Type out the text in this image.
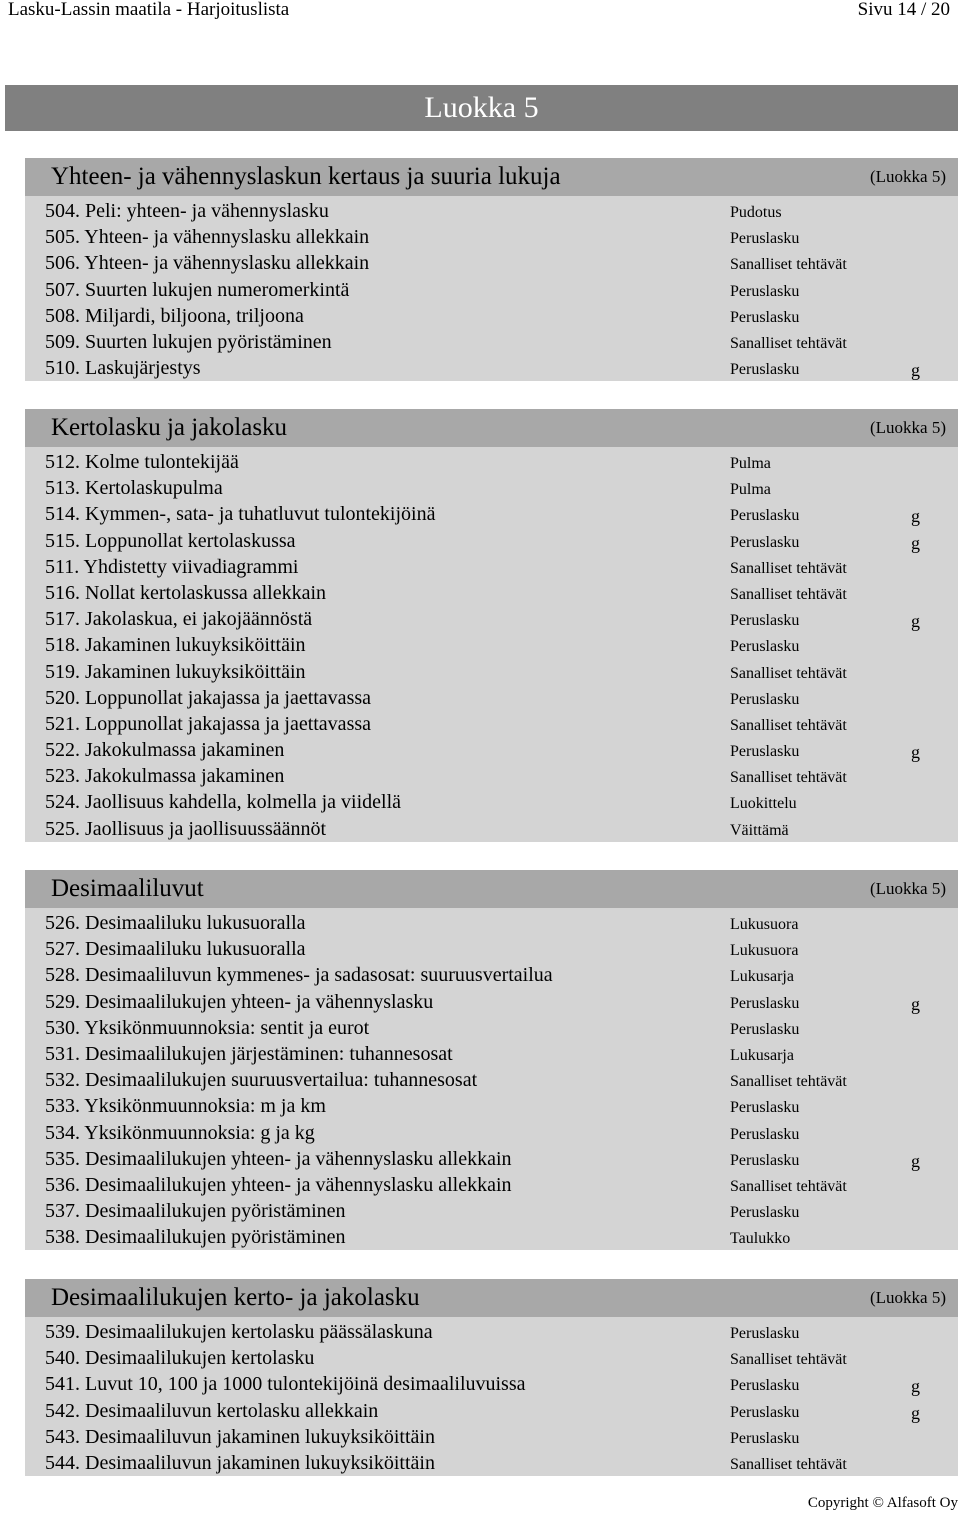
Lasku-Lassin maatila - Harjoituslista	Sivu 14 / 20
Luokka 5
Yhteen- ja vähennyslaskun kertaus ja suuria lukuja	(Luokka 5)
504. Peli: yhteen- ja vähennyslasku	Pudotus
505. Yhteen- ja vähennyslasku allekkain	Peruslasku
506. Yhteen- ja vähennyslasku allekkain	Sanalliset tehtävät
507. Suurten lukujen numeromerkintä	Peruslasku
508. Miljardi, biljoona, triljoona	Peruslasku
509. Suurten lukujen pyöristäminen	Sanalliset tehtävät
510. Laskujärjestys	Peruslasku	g
Kertolasku ja jakolasku	(Luokka 5)
512. Kolme tulontekijää	Pulma
513. Kertolaskupulma	Pulma
514. Kymmen-, sata- ja tuhatluvut tulontekijöinä	Peruslasku	g
515. Loppunollat kertolaskussa	Peruslasku	g
511. Yhdistetty viivadiagrammi	Sanalliset tehtävät
516. Nollat kertolaskussa allekkain	Sanalliset tehtävät
517. Jakolaskua, ei jakojäännöstä	Peruslasku	g
518. Jakaminen lukuyksiköittäin	Peruslasku
519. Jakaminen lukuyksiköittäin	Sanalliset tehtävät
520. Loppunollat jakajassa ja jaettavassa	Peruslasku
521. Loppunollat jakajassa ja jaettavassa	Sanalliset tehtävät
522. Jakokulmassa jakaminen	Peruslasku	g
523. Jakokulmassa jakaminen	Sanalliset tehtävät
524. Jaollisuus kahdella, kolmella ja viidellä	Luokittelu
525. Jaollisuus ja jaollisuussäännöt	Väittämä
Desimaaliluvut	(Luokka 5)
526. Desimaaliluku lukusuoralla	Lukusuora
527. Desimaaliluku lukusuoralla	Lukusuora
528. Desimaaliluvun kymmenes- ja sadasosat: suuruusvertailua	Lukusarja
529. Desimaalilukujen yhteen- ja vähennyslasku	Peruslasku	g
530. Yksikönmuunnoksia: sentit ja eurot	Peruslasku
531. Desimaalilukujen järjestäminen: tuhannesosat	Lukusarja
532. Desimaalilukujen suuruusvertailua: tuhannesosat	Sanalliset tehtävät
533. Yksikönmuunnoksia: m ja km	Peruslasku
534. Yksikönmuunnoksia: g ja kg	Peruslasku
535. Desimaalilukujen yhteen- ja vähennyslasku allekkain	Peruslasku	g
536. Desimaalilukujen yhteen- ja vähennyslasku allekkain	Sanalliset tehtävät
537. Desimaalilukujen pyöristäminen	Peruslasku
538. Desimaalilukujen pyöristäminen	Taulukko
Desimaalilukujen kerto- ja jakolasku	(Luokka 5)
539. Desimaalilukujen kertolasku päässälaskuna	Peruslasku
540. Desimaalilukujen kertolasku	Sanalliset tehtävät
541. Luvut 10, 100 ja 1000 tulontekijöinä desimaaliluvuissa	Peruslasku	g
542. Desimaaliluvun kertolasku allekkain	Peruslasku	g
543. Desimaaliluvun jakaminen lukuyksiköittäin	Peruslasku
544. Desimaaliluvun jakaminen lukuyksiköittäin	Sanalliset tehtävät
Copyright © Alfasoft Oy
